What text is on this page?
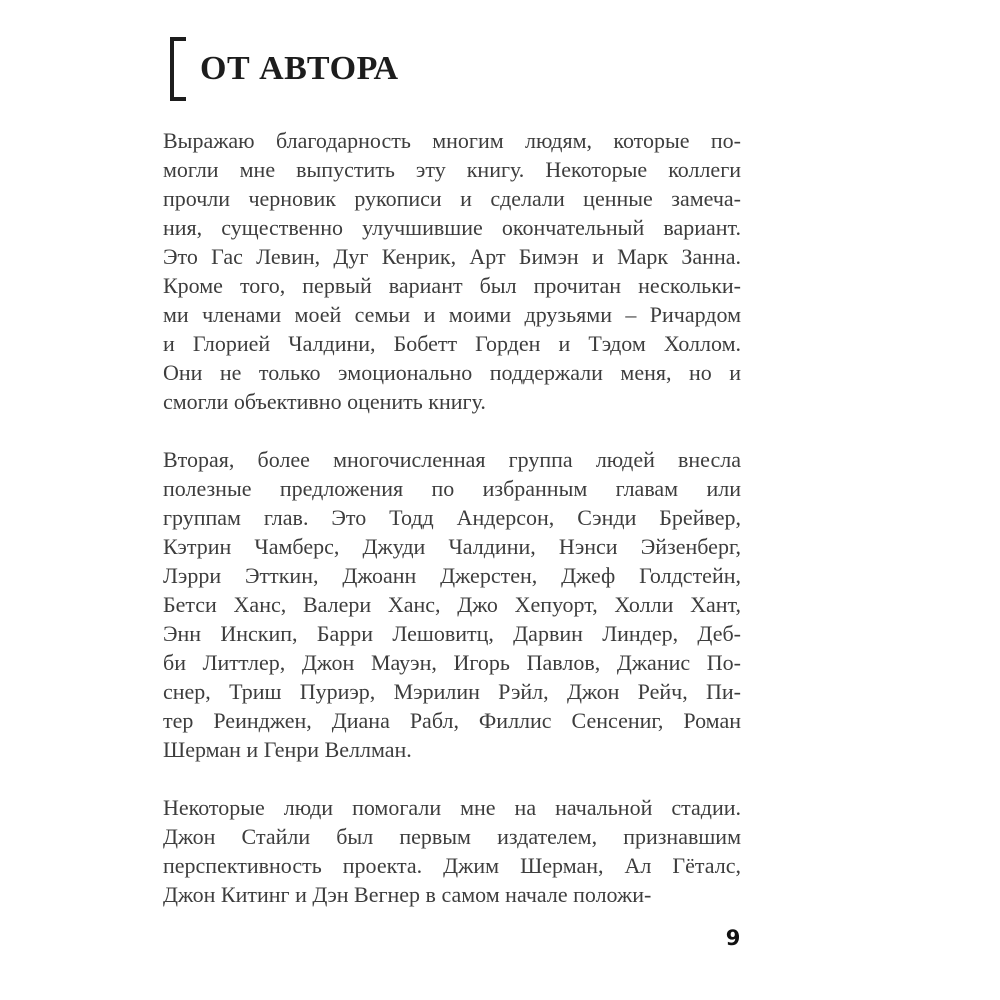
ОТ АВТОРА
Выражаю благодарность многим людям, которые по-
могли мне выпустить эту книгу. Некоторые коллеги
прочли черновик рукописи и сделали ценные замеча-
ния, существенно улучшившие окончательный вариант.
Это Гас Левин, Дуг Кенрик, Арт Бимэн и Марк Занна.
Кроме того, первый вариант был прочитан нескольки-
ми членами моей семьи и моими друзьями – Ричардом
и Глорией Чалдини, Бобетт Горден и Тэдом Холлом.
Они не только эмоционально поддержали меня, но и
смогли объективно оценить книгу.
Вторая, более многочисленная группа людей внесла
полезные предложения по избранным главам или
группам глав. Это Тодд Андерсон, Сэнди Брейвер,
Кэтрин Чамберс, Джуди Чалдини, Нэнси Эйзенберг,
Лэрри Этткин, Джоанн Джерстен, Джеф Голдстейн,
Бетси Ханс, Валери Ханс, Джо Хепуорт, Холли Хант,
Энн Инскип, Барри Лешовитц, Дарвин Линдер, Деб-
би Литтлер, Джон Мауэн, Игорь Павлов, Джанис По-
снер, Триш Пуриэр, Мэрилин Рэйл, Джон Рейч, Пи-
тер Реинджен, Диана Рабл, Филлис Сенсениг, Роман
Шерман и Генри Веллман.
Некоторые люди помогали мне на начальной стадии.
Джон Стайли был первым издателем, признавшим
перспективность проекта. Джим Шерман, Ал Гёталс,
Джон Китинг и Дэн Вегнер в самом начале положи-
9
